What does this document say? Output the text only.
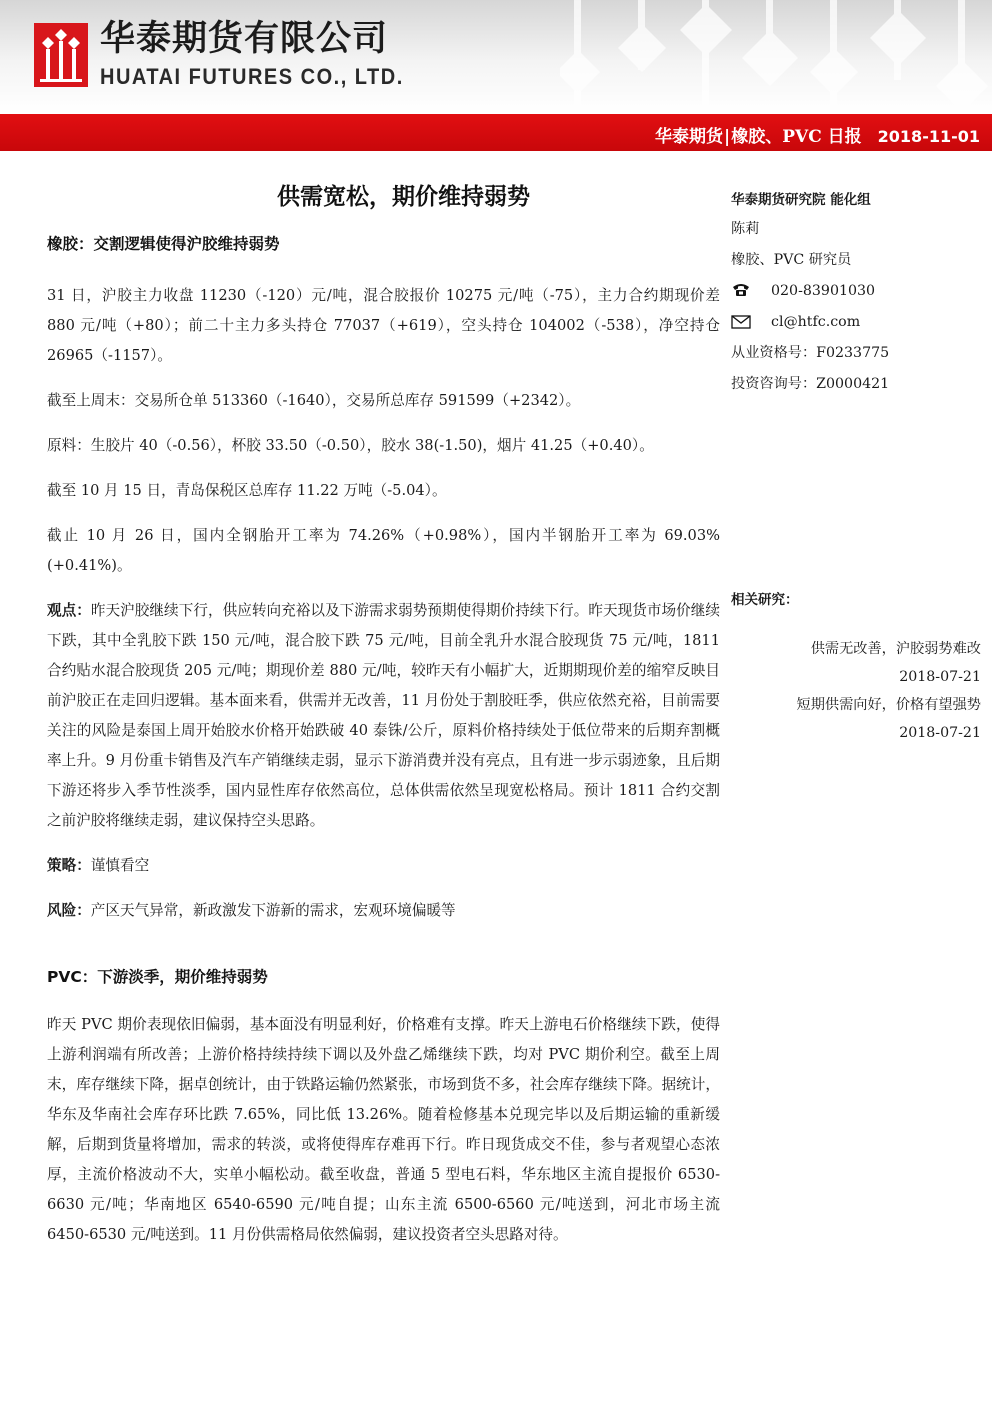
华泰期货有限公司
HUATAI FUTURES CO., LTD.
华泰期货|橡胶、PVC 日报 2018-11-01
供需宽松，期价维持弱势
橡胶：交割逻辑使得沪胶维持弱势

31 日，沪胶主力收盘 11230（-120）元/吨，混合胶报价 10275 元/吨（-75），主力合约期现价差 880 元/吨（+80）；前二十主力多头持仓 77037（+619），空头持仓 104002（-538），净空持仓 26965（-1157）。

截至上周末：交易所仓单 513360（-1640），交易所总库存 591599（+2342）。

原料：生胶片 40（-0.56），杯胶 33.50（-0.50），胶水 38(-1.50)，烟片 41.25（+0.40）。

截至 10 月 15 日，青岛保税区总库存 11.22 万吨（-5.04）。

截止 10 月 26 日，国内全钢胎开工率为 74.26%（+0.98%），国内半钢胎开工率为 69.03%(+0.41%)。

观点：昨天沪胶继续下行，供应转向充裕以及下游需求弱势预期使得期价持续下行。昨天现货市场价继续下跌，其中全乳胶下跌 150 元/吨，混合胶下跌 75 元/吨，目前全乳升水混合胶现货 75 元/吨，1811 合约贴水混合胶现货 205 元/吨；期现价差 880 元/吨，较昨天有小幅扩大，近期期现价差的缩窄反映目前沪胶正在走回归逻辑。基本面来看，供需并无改善，11 月份处于割胶旺季，供应依然充裕，目前需要关注的风险是泰国上周开始胶水价格开始跌破 40 泰铢/公斤，原料价格持续处于低位带来的后期弃割概率上升。9 月份重卡销售及汽车产销继续走弱，显示下游消费并没有亮点，且有进一步示弱迹象，且后期下游还将步入季节性淡季，国内显性库存依然高位，总体供需依然呈现宽松格局。预计 1811 合约交割之前沪胶将继续走弱，建议保持空头思路。

策略：谨慎看空

风险：产区天气异常，新政激发下游新的需求，宏观环境偏暖等

PVC：下游淡季，期价维持弱势

昨天 PVC 期价表现依旧偏弱，基本面没有明显利好，价格难有支撑。昨天上游电石价格继续下跌，使得上游利润端有所改善；上游价格持续持续下调以及外盘乙烯继续下跌，均对 PVC 期价利空。截至上周末，库存继续下降，据卓创统计，由于铁路运输仍然紧张，市场到货不多，社会库存继续下降。据统计，华东及华南社会库存环比跌 7.65%，同比低 13.26%。随着检修基本兑现完毕以及后期运输的重新缓解，后期到货量将增加，需求的转淡，或将使得库存难再下行。昨日现货成交不佳，参与者观望心态浓厚，主流价格波动不大，实单小幅松动。截至收盘，普通 5 型电石料，华东地区主流自提报价 6530-6630 元/吨；华南地区 6540-6590 元/吨自提；山东主流 6500-6560 元/吨送到，河北市场主流 6450-6530 元/吨送到。11 月份供需格局依然偏弱，建议投资者空头思路对待。

华泰期货研究院 能化组
陈莉
橡胶、PVC 研究员
020-83901030
cl@htfc.com
从业资格号：F0233775
投资咨询号：Z0000421
相关研究：
供需无改善，沪胶弱势难改
2018-07-21
短期供需向好，价格有望强势
2018-07-21
